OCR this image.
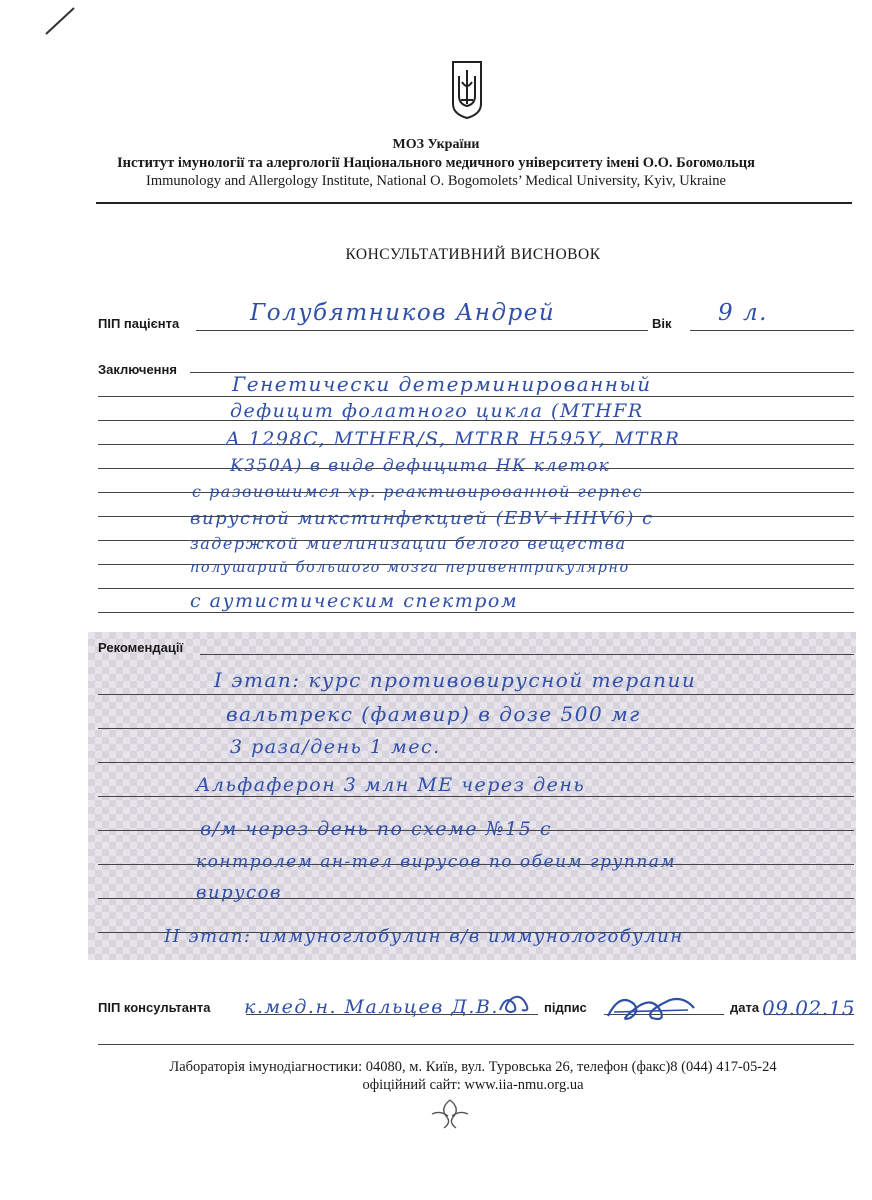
МОЗ України

Інститут імунології та алергології Національного медичного університету імені О.О. Богомольця

Immunology and Allergology Institute, National O. Bogomolets’ Medical University, Kyiv, Ukraine

КОНСУЛЬТАТИВНИЙ ВИСНОВОК
ПІП пацієнта	Голубятников Андрей	Вік 9 л.
Заключення
Генетически детерминированный
дефицит фолатного цикла (MTHFR
A 1298C, MTHFR/S, MTRR H595Y, MTRR
K350A) в виде дефицита НК клеток
с развившимся хр. реактивированной герпес
вирусной микстинфекцией (EBV+HHV6) с
задержкой миелинизации белого вещества
полушарий большого мозга перивентрикулярно
с аутистическим спектром
Рекомендації
I этап: курс противовирусной терапии
вальтрекс (фамвир) в дозе 500 мг
3 раза/день 1 мес.
Альфаферон 3 млн МЕ через день
в/м через день по схеме №15 с
контролем ан-тел вирусов по обеим группам
вирусов
II этап: иммуноглобулин в/в иммунологобулин
ПІП консультанта к.мед.н. Мальцев Д.В.	підпис	дата 09.02.15

Лабораторія імунодіагностики: 04080, м. Київ, вул. Туровська 26, телефон (факс)8 (044) 417-05-24

офіційний сайт: www.iia-nmu.org.ua
